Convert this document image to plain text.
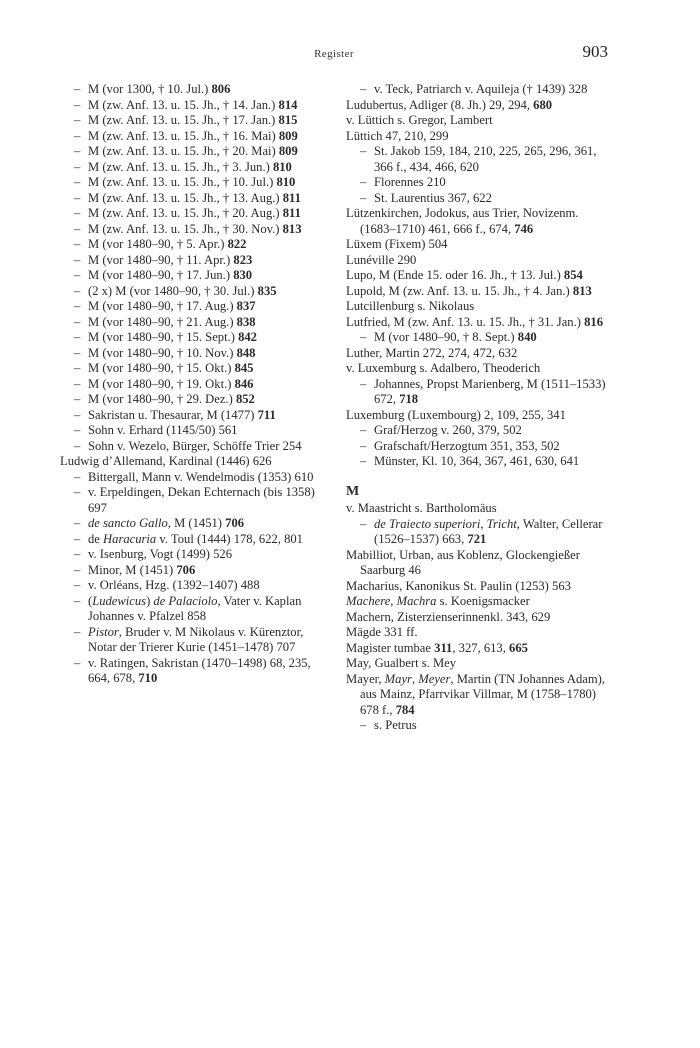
Register	903

– M (vor 1300, † 10. Jul.) 806

– M (zw. Anf. 13. u. 15. Jh., † 14. Jan.) 814

– M (zw. Anf. 13. u. 15. Jh., † 17. Jan.) 815

– M (zw. Anf. 13. u. 15. Jh., † 16. Mai) 809

– M (zw. Anf. 13. u. 15. Jh., † 20. Mai) 809

– M (zw. Anf. 13. u. 15. Jh., † 3. Jun.) 810

– M (zw. Anf. 13. u. 15. Jh., † 10. Jul.) 810

– M (zw. Anf. 13. u. 15. Jh., † 13. Aug.) 811

– M (zw. Anf. 13. u. 15. Jh., † 20. Aug.) 811

– M (zw. Anf. 13. u. 15. Jh., † 30. Nov.) 813

– M (vor 1480–90, † 5. Apr.) 822

– M (vor 1480–90, † 11. Apr.) 823

– M (vor 1480–90, † 17. Jun.) 830

– (2 x) M (vor 1480–90, † 30. Jul.) 835

– M (vor 1480–90, † 17. Aug.) 837

– M (vor 1480–90, † 21. Aug.) 838

– M (vor 1480–90, † 15. Sept.) 842

– M (vor 1480–90, † 10. Nov.) 848

– M (vor 1480–90, † 15. Okt.) 845

– M (vor 1480–90, † 19. Okt.) 846

– M (vor 1480–90, † 29. Dez.) 852

– Sakristan u. Thesaurar, M (1477) 711

– Sohn v. Erhard (1145/50) 561

– Sohn v. Wezelo, Bürger, Schöffe Trier 254

Ludwig d’Allemand, Kardinal (1446) 626

– Bittergall, Mann v. Wendelmodis (1353) 610

– v. Erpeldingen, Dekan Echternach (bis 1358) 697

– de sancto Gallo, M (1451) 706

– de Haracuria v. Toul (1444) 178, 622, 801

– v. Isenburg, Vogt (1499) 526

– Minor, M (1451) 706

– v. Orléans, Hzg. (1392–1407) 488

– (Ludewicus) de Palaciolo, Vater v. Kaplan Johannes v. Pfalzel 858

– Pistor, Bruder v. M Nikolaus v. Kürenztor, Notar der Trierer Kurie (1451–1478) 707

– v. Ratingen, Sakristan (1470–1498) 68, 235, 664, 678, 710

– v. Teck, Patriarch v. Aquileja († 1439) 328

Ludubertus, Adliger (8. Jh.) 29, 294, 680

v. Lüttich s. Gregor, Lambert

Lüttich 47, 210, 299

– St. Jakob 159, 184, 210, 225, 265, 296, 361, 366 f., 434, 466, 620

– Florennes 210

– St. Laurentius 367, 622

Lützenkirchen, Jodokus, aus Trier, Novizenm. (1683–1710) 461, 666 f., 674, 746

Lüxem (Fixem) 504

Lunéville 290

Lupo, M (Ende 15. oder 16. Jh., † 13. Jul.) 854

Lupold, M (zw. Anf. 13. u. 15. Jh., † 4. Jan.) 813

Lutcillenburg s. Nikolaus

Lutfried, M (zw. Anf. 13. u. 15. Jh., † 31. Jan.) 816

– M (vor 1480–90, † 8. Sept.) 840

Luther, Martin 272, 274, 472, 632

v. Luxemburg s. Adalbero, Theoderich

– Johannes, Propst Marienberg, M (1511–1533) 672, 718

Luxemburg (Luxembourg) 2, 109, 255, 341

– Graf/Herzog v. 260, 379, 502

– Grafschaft/Herzogtum 351, 353, 502

– Münster, Kl. 10, 364, 367, 461, 630, 641

M

v. Maastricht s. Bartholomäus

– de Traiecto superiori, Tricht, Walter, Cellerar (1526–1537) 663, 721

Mabilliot, Urban, aus Koblenz, Glockengießer Saarburg 46

Macharius, Kanonikus St. Paulin (1253) 563

Machere, Machra s. Koenigsmacker

Machern, Zisterzienserinnenkl. 343, 629

Mägde 331 ff.

Magister tumbae 311, 327, 613, 665

May, Gualbert s. Mey

Mayer, Mayr, Meyer, Martin (TN Johannes Adam), aus Mainz, Pfarrvikar Villmar, M (1758–1780) 678 f., 784

– s. Petrus
